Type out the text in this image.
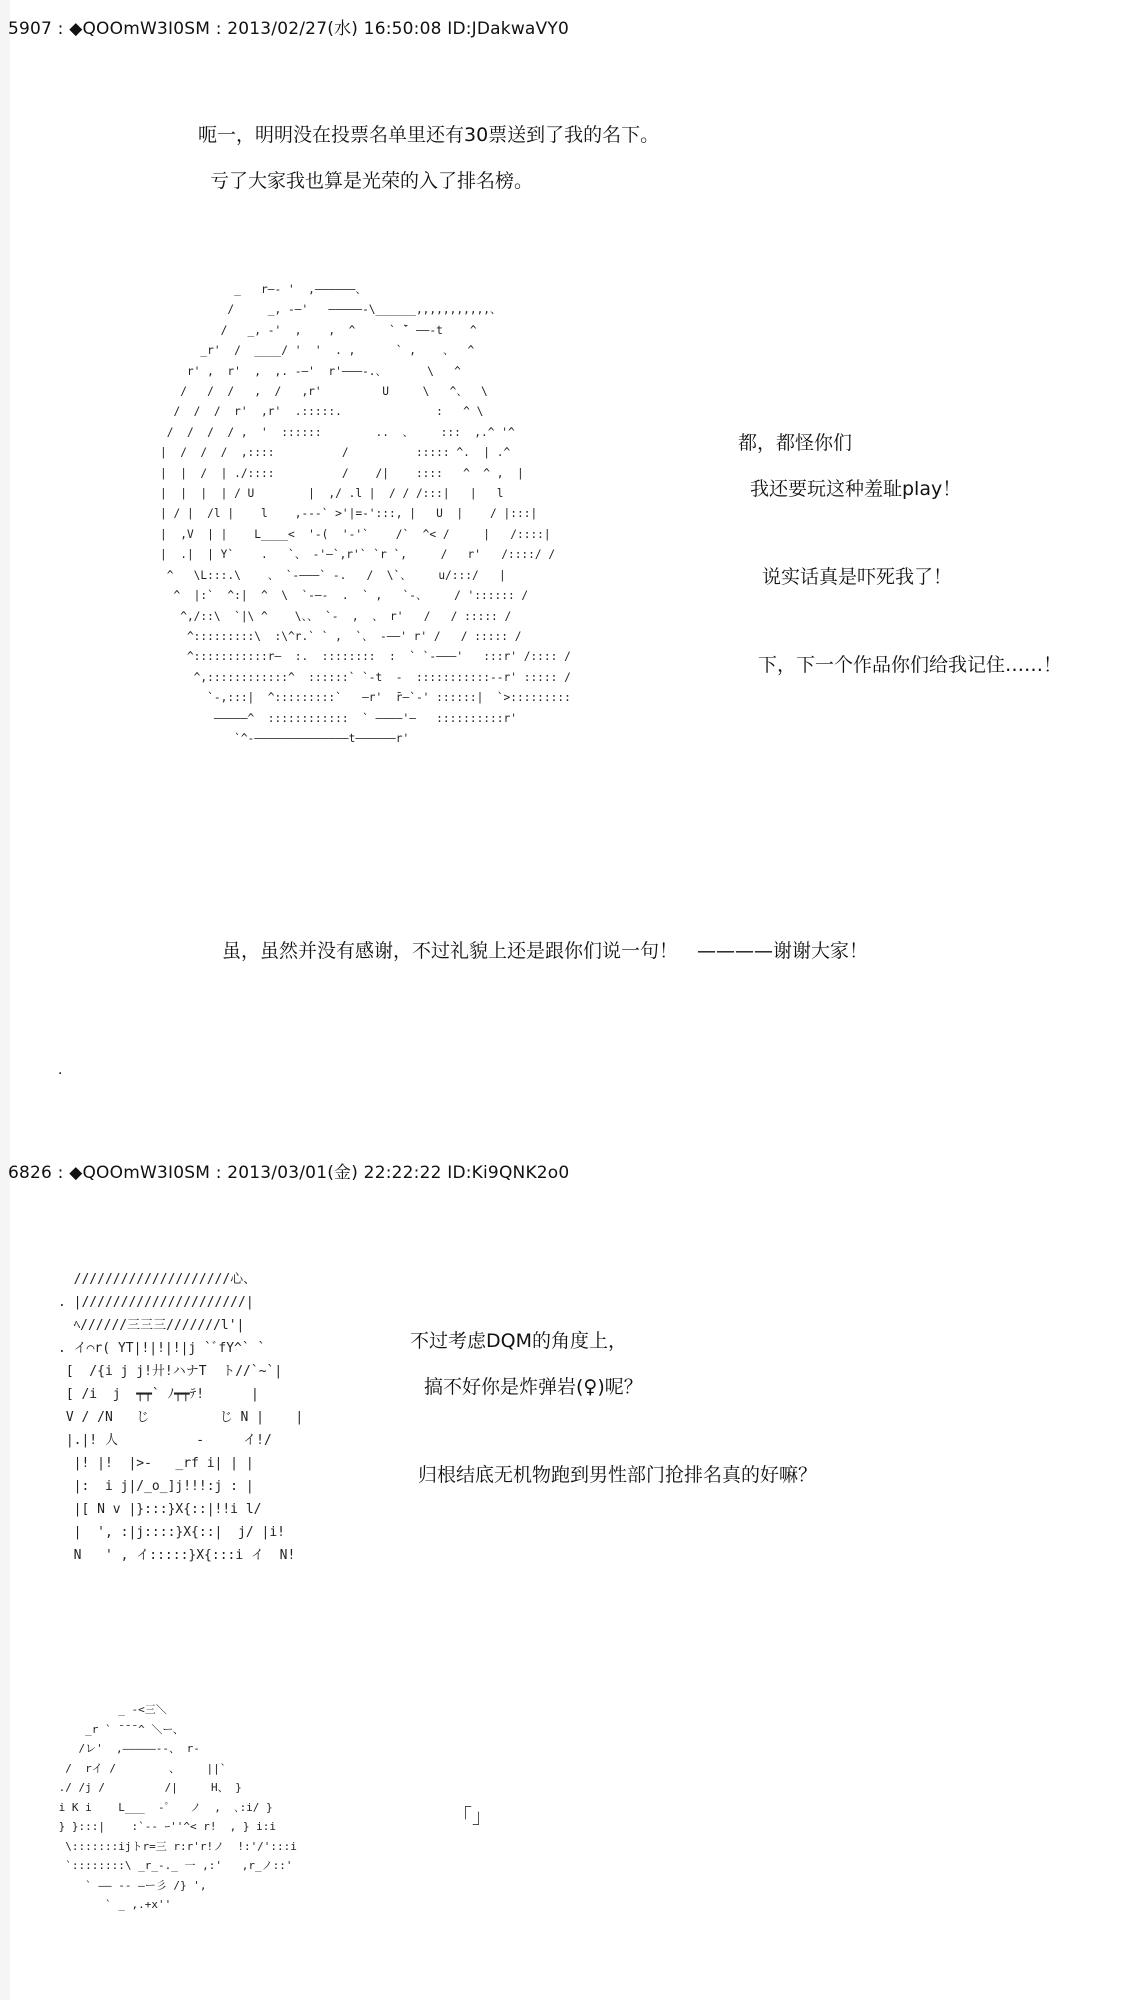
5907 : ◆QOOmW3I0SM : 2013/02/27(水) 16:50:08 ID:JDakwaVY0
呃一，明明没在投票名单里还有30票送到了我的名下。
亏了大家我也算是光荣的入了排名榜。
_   r―‐ '  ,――――――、
/     _, -―'   ―――――‐\______,,,,,,,,,,,、
/   _, -'  ,    ,  ^     ` ̄` ――-t    ^
_r'  /  ____/ '  '  . ,      ` ,    、  ^
r' ,  r'  ,  ,. -―'  r'―――-.、      \   ^
/   /  /   ,  /   ,r'         U     \   ^、  \
/  /  /  r'  ,r'  .:::::.              :   ^ \
/  /  /  / ,  '  ::::::        ..  、    :::  ,.^ '^
|  /  /  /  ,::::          /          ::::: ^.  | .^
|  |  /  | ./::::          /    /|    ::::   ^  ^ ,  |
|  |  |  | / U        |  ,/ .l |  / / /:::|   |   l
| / |  /l |    l    ,---` >'|=-':::, |   U  |    / |:::|
|  ,V  | |    L____<  '-(  '-'`    /`  ^< /     |   /::::|
|  .|  | Y`    .   `、 -'―`,r'` `r `,     /   r'   /::::/ /
^   \L:::.\    、 `-―――` -.   /  \`、    u/:::/   |
^  |:`  ^:|  ^  \  `-―-  .  ` ,   `-、    / ':::::: /
^,/::\  `|\ ^    \、、 `-  ,  、 r'   /   / ::::: /
^:::::::::\  :\^r.` ` ,  `、 -――' r' /   / ::::: /
^:::::::::::r―  :.  ::::::::  :  ` `-―――'   :::r' /:::: /
^,::::::::::::^  ::::::` `-t  -  :::::::::::--r' ::::: /
`-,:::|  ^:::::::::`   ―r'  ̄r―`-' ::::::|  `>:::::::::
―――――^  ::::::::::::  ` ――――'―   ::::::::::r'
`^-――――――――――――――t――――――r'
都，都怪你们
我还要玩这种羞耻play！
说实话真是吓死我了！
下，下一个作品你们给我记住……！
虽，虽然并没有感谢，不过礼貌上还是跟你们说一句！　————谢谢大家！
.
6826 : ◆QOOmW3I0SM : 2013/03/01(金) 22:22:22 ID:Ki9QNK2o0
////////////////////心、
. |/////////////////////|
ﾍ//////三三三///////l'|
. イ⌒r( YT|!|!|!|j `ﾞfY^` `
[  /{i j j!廾!ハナT  ト//`~`|
[ /i  j  ┯┯` ﾉ┯┯ﾃ!      |
V / /N   じ         じ N |    |
|.|! 人          -     イ!/
|! |!  |>-   _rf i| | |
|:  i j|/_o_]j!!!:j : |
|[ N v |}:::}X{::|!!i l/
|  ', :|j::::}X{::|  j/ |i!
N   ' , イ:::::}X{:::i イ  N!
不过考虑DQM的角度上，
搞不好你是炸弹岩(♀)呢？
归根结底无机物跑到男性部门抢排名真的好嘛？
_ -<三＼
_r ` ̄ ̄ ̄ ^ ＼ー、
/レ'  ,―――――--、 r-
/  rイ /        、    ||`
./ /j /         /|     H、 }
i K i    L___  -ﾟ   ノ  ,  ､:i/ }
} }:::|    :`-- ｰ''^< r!  , } i:i
\:::::::ijトr=三 r:r'r!ノ  !:'/':::i
`::::::::\ _r_-._ 一 ,:'   ,r_ノ::'
` ―― -- ―ー彡 /} ',
` _ ,.+x''
「」
